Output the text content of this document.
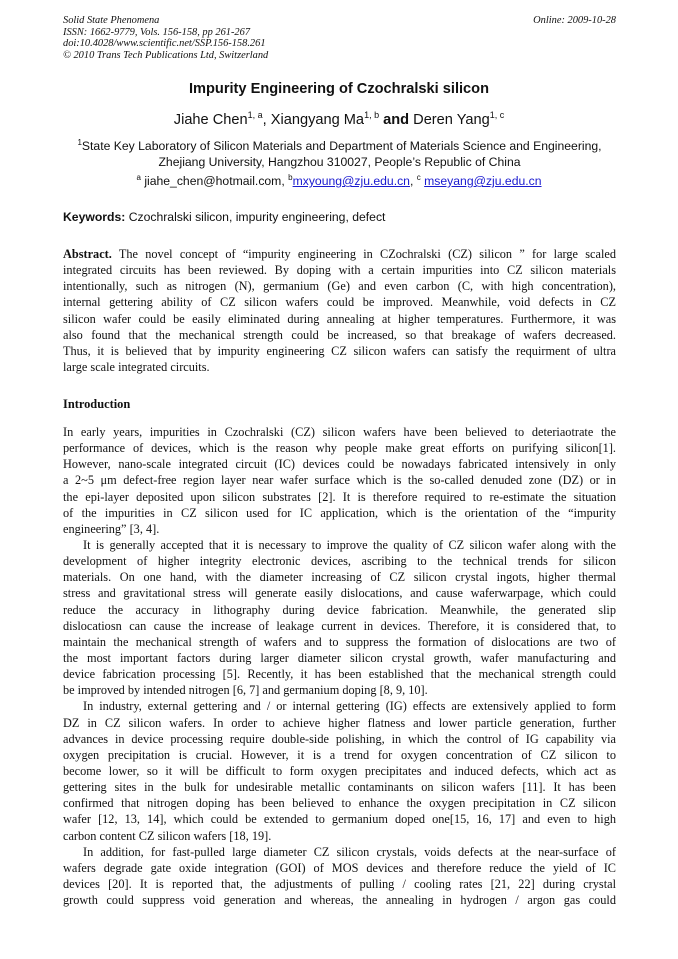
Solid State Phenomena
ISSN: 1662-9779, Vols. 156-158, pp 261-267
doi:10.4028/www.scientific.net/SSP.156-158.261
© 2010 Trans Tech Publications Ltd, Switzerland
Online: 2009-10-28
Impurity Engineering of Czochralski silicon
Jiahe Chen$^{1, a}$, Xiangyang Ma$^{1, b}$ and Deren Yang$^{1, c}$
$^1$State Key Laboratory of Silicon Materials and Department of Materials Science and Engineering,
Zhejiang University, Hangzhou 310027, People’s Republic of China
$^a$ jiahe_chen@hotmail.com, $^b$mxyoung@zju.edu.cn, $^c$ mseyang@zju.edu.cn
Keywords: Czochralski silicon, impurity engineering, defect
Abstract. The novel concept of “impurity engineering in CZochralski (CZ) silicon ” for large scaled
integrated circuits has been reviewed. By doping with a certain impurities into CZ silicon materials
intentionally, such as nitrogen (N), germanium (Ge) and even carbon (C, with high concentration),
internal gettering ability of CZ silicon wafers could be improved. Meanwhile, void defects in CZ
silicon wafer could be easily eliminated during annealing at higher temperatures. Furthermore, it was
also found that the mechanical strength could be increased, so that breakage of wafers decreased.
Thus, it is believed that by impurity engineering CZ silicon wafers can satisfy the requirment of ultra
large scale integrated circuits.
Introduction
In early years, impurities in Czochralski (CZ) silicon wafers have been believed to deteriaotrate the
performance of devices, which is the reason why people make great efforts on purifying silicon[1].
However, nano-scale integrated circuit (IC) devices could be nowadays fabricated intensively in only
a 2~5 μm defect-free region layer near wafer surface which is the so-called denuded zone (DZ) or in
the epi-layer deposited upon silicon substrates [2]. It is therefore required to re-estimate the situation
of the impurities in CZ silicon used for IC application, which is the orientation of the “impurity
engineering” [3, 4].
It is generally accepted that it is necessary to improve the quality of CZ silicon wafer along with the
development of higher integrity electronic devices, ascribing to the technical trends for silicon
materials. On one hand, with the diameter increasing of CZ silicon crystal ingots, higher thermal
stress and gravitational stress will generate easily dislocations, and cause waferwarpage, which could
reduce the accuracy in lithography during device fabrication. Meanwhile, the generated slip
dislocatiosn can cause the increase of leakage current in devices. Therefore, it is considered that, to
maintain the mechanical strength of wafers and to suppress the formation of dislocations are two of
the most important factors during larger diameter silicon crystal growth, wafer manufacturing and
device fabrication processing [5]. Recently, it has been established that the mechanical strength could
be improved by intended nitrogen [6, 7] and germanium doping [8, 9, 10].
In industry, external gettering and / or internal gettering (IG) effects are extensively applied to form
DZ in CZ silicon wafers. In order to achieve higher flatness and lower particle generation, further
advances in device processing require double-side polishing, in which the control of IG capability via
oxygen precipitation is crucial. However, it is a trend for oxygen concentration of CZ silicon to
become lower, so it will be difficult to form oxygen precipitates and induced defects, which act as
gettering sites in the bulk for undesirable metallic contaminants on silicon wafers [11]. It has been
confirmed that nitrogen doping has been believed to enhance the oxygen precipitation in CZ silicon
wafer [12, 13, 14], which could be extended to germanium doped one[15, 16, 17] and even to high
carbon content CZ silicon wafers [18, 19].
In addition, for fast-pulled large diameter CZ silicon crystals, voids defects at the near-surface of
wafers degrade gate oxide integration (GOI) of MOS devices and therefore reduce the yield of IC
devices [20]. It is reported that, the adjustments of pulling / cooling rates [21, 22] during crystal
growth could suppress void generation and whereas, the annealing in hydrogen / argon gas could
